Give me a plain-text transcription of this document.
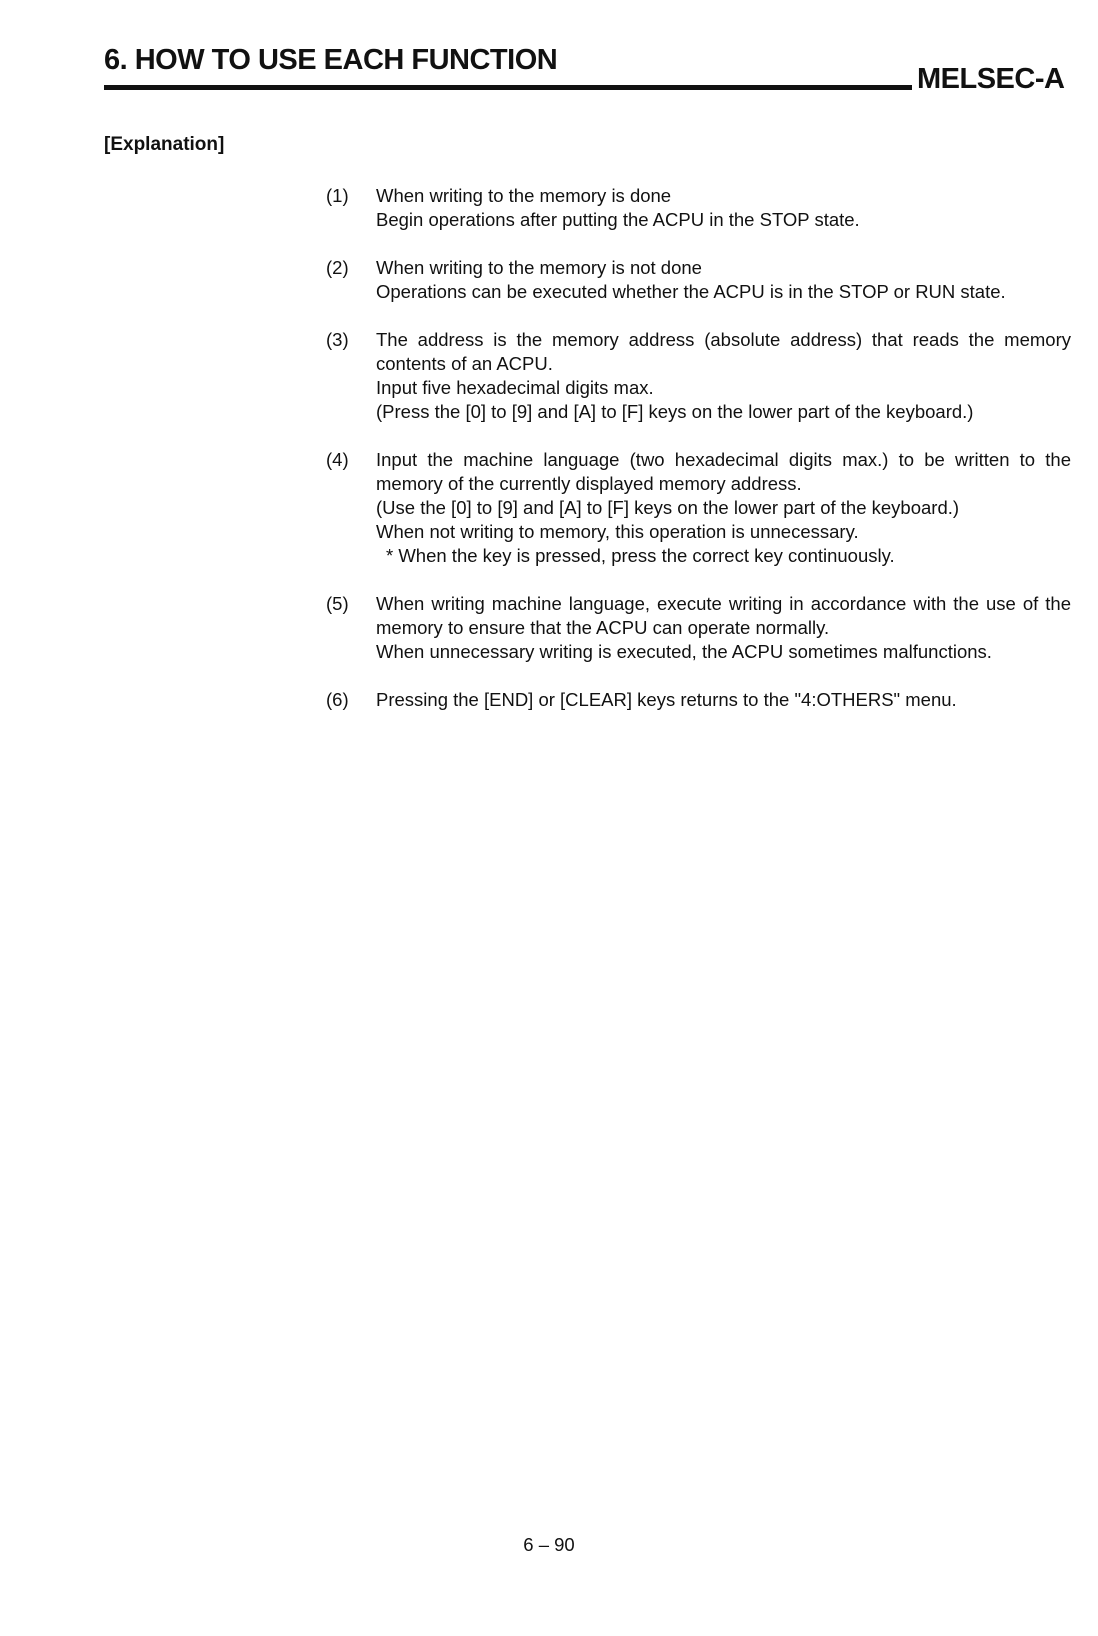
6. HOW TO USE EACH FUNCTION
MELSEC-A
[Explanation]
(1)	When writing to the memory is done
Begin operations after putting the ACPU in the STOP state.
(2)	When writing to the memory is not done
Operations can be executed whether the ACPU is in the STOP or RUN state.
(3)	The address is the memory address (absolute address) that reads the memory contents of an ACPU.
Input five hexadecimal digits max.
(Press the [0] to [9] and [A] to [F] keys on the lower part of the keyboard.)
(4)	Input the machine language (two hexadecimal digits max.) to be written to the memory of the currently displayed memory address.
(Use the [0] to [9] and [A] to [F] keys on the lower part of the keyboard.)
When not writing to memory, this operation is unnecessary.
* When the key is pressed, press the correct key continuously.
(5)	When writing machine language, execute writing in accordance with the use of the memory to ensure that the ACPU can operate normally.
When unnecessary writing is executed, the ACPU sometimes malfunctions.
(6)	Pressing the [END] or [CLEAR] keys returns to the "4:OTHERS" menu.
6 – 90
